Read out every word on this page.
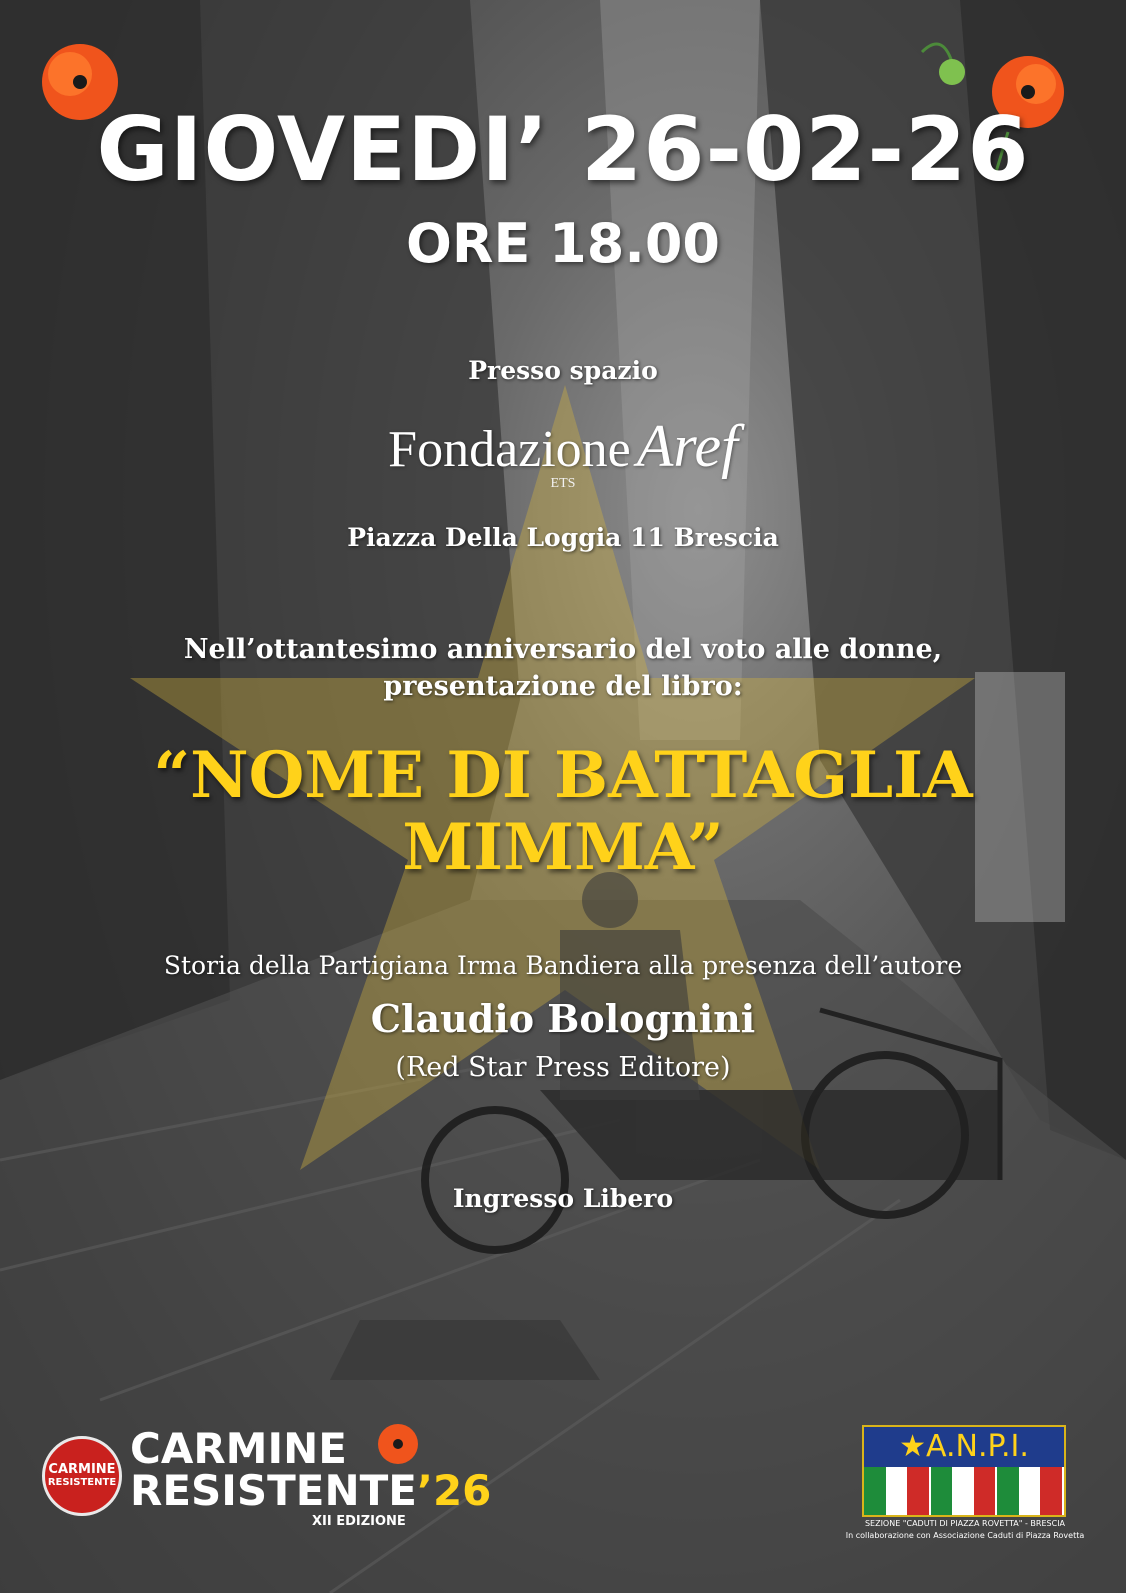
GIOVEDI’ 26-02-26
ORE 18.00
Presso spazio
Fondazione Aref
ETS
Piazza Della Loggia 11 Brescia
Nell’ottantesimo anniversario del voto alle donne,
presentazione del libro:
“NOME DI BATTAGLIA
MIMMA”
Storia della Partigiana Irma Bandiera alla presenza dell’autore
Claudio Bolognini
(Red Star Press Editore)
Ingresso Libero
CARMINE
RESISTENTE
CARMINE
RESISTENTE’26
XII EDIZIONE
★A.N.P.I.
SEZIONE "CADUTI DI PIAZZA ROVETTA" - BRESCIA
In collaborazione con Associazione Caduti di Piazza Rovetta
